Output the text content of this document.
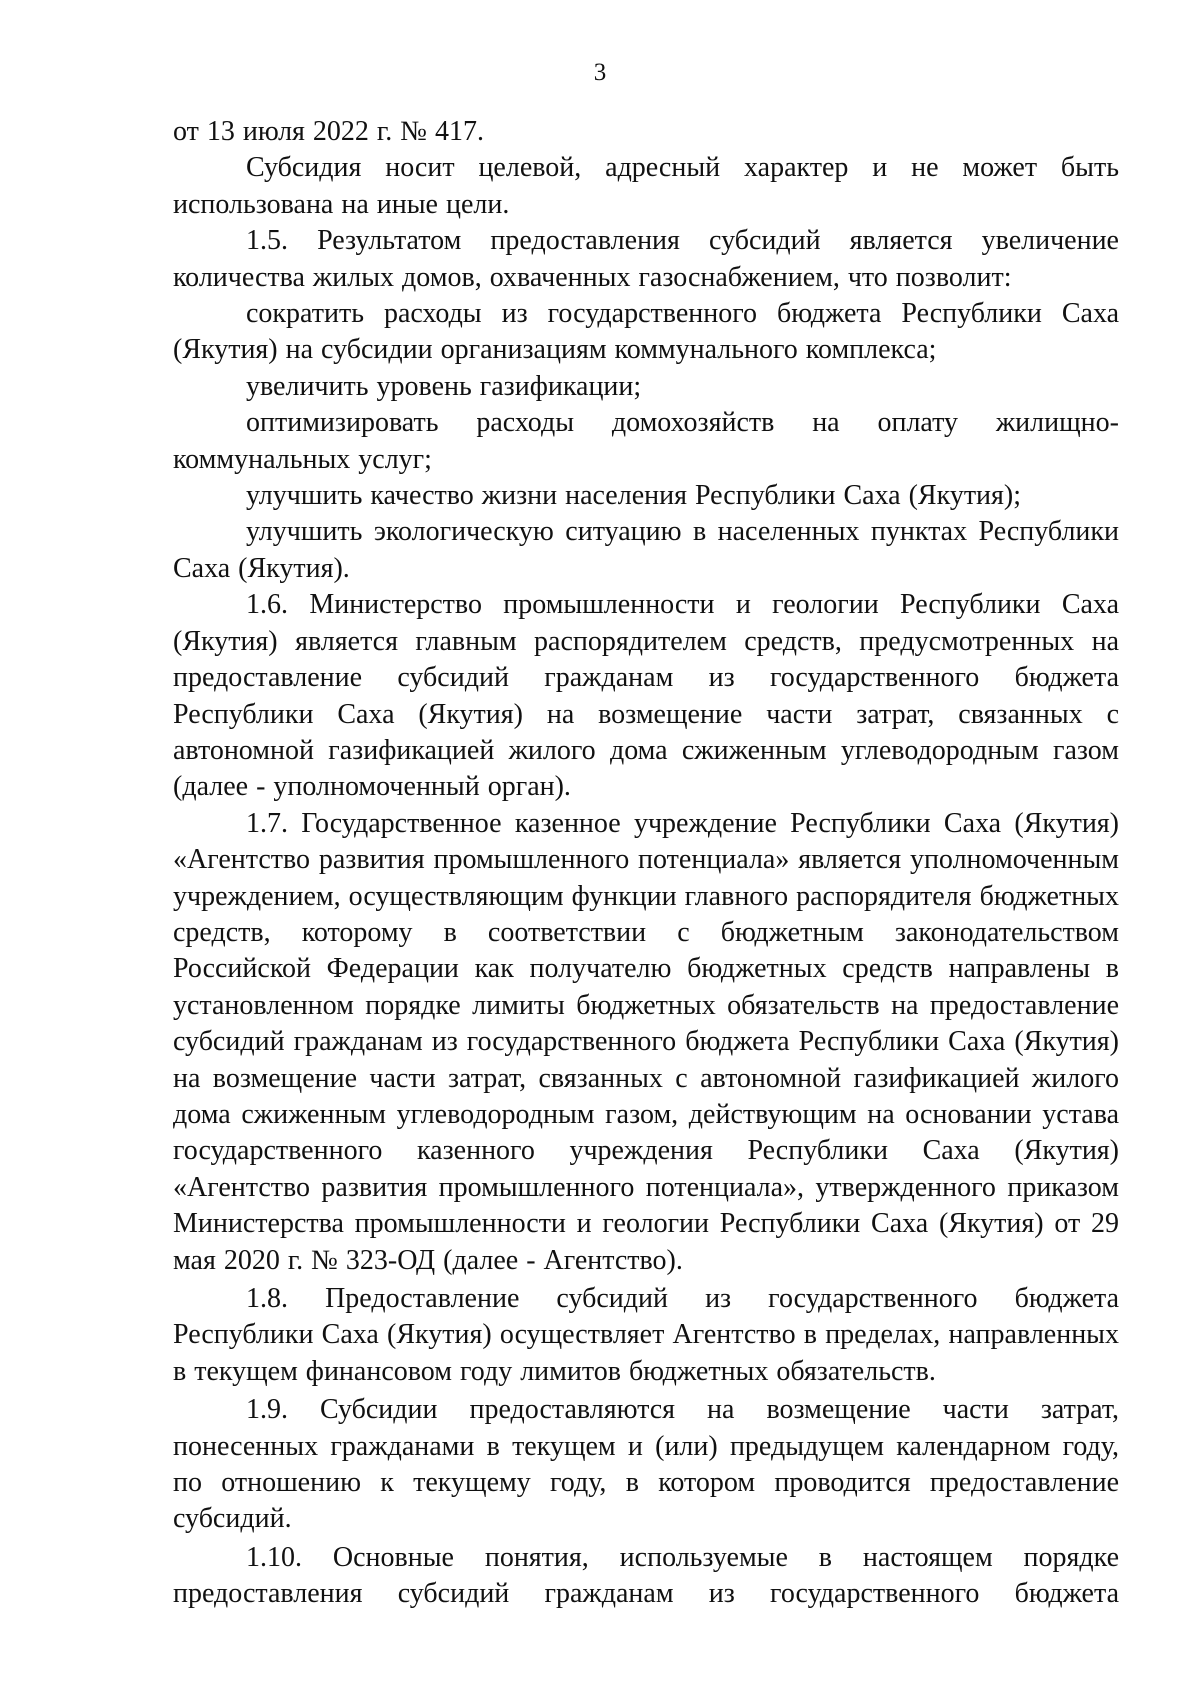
3

от 13 июля 2022 г. № 417.

Субсидия носит целевой, адресный характер и не может быть использована на иные цели.

1.5. Результатом предоставления субсидий является увеличение количества жилых домов, охваченных газоснабжением, что позволит:

сократить расходы из государственного бюджета Республики Саха (Якутия) на субсидии организациям коммунального комплекса;

увеличить уровень газификации;

оптимизировать расходы домохозяйств на оплату жилищно-коммунальных услуг;

улучшить качество жизни населения Республики Саха (Якутия);

улучшить экологическую ситуацию в населенных пунктах Республики Саха (Якутия).

1.6. Министерство промышленности и геологии Республики Саха (Якутия) является главным распорядителем средств, предусмотренных на предоставление субсидий гражданам из государственного бюджета Республики Саха (Якутия) на возмещение части затрат, связанных с автономной газификацией жилого дома сжиженным углеводородным газом (далее - уполномоченный орган).

1.7. Государственное казенное учреждение Республики Саха (Якутия) «Агентство развития промышленного потенциала» является уполномоченным учреждением, осуществляющим функции главного распорядителя бюджетных средств, которому в соответствии с бюджетным законодательством Российской Федерации как получателю бюджетных средств направлены в установленном порядке лимиты бюджетных обязательств на предоставление субсидий гражданам из государственного бюджета Республики Саха (Якутия) на возмещение части затрат, связанных с автономной газификацией жилого дома сжиженным углеводородным газом, действующим на основании устава государственного казенного учреждения Республики Саха (Якутия) «Агентство развития промышленного потенциала», утвержденного приказом Министерства промышленности и геологии Республики Саха (Якутия) от 29 мая 2020 г. № 323-ОД (далее - Агентство).

1.8. Предоставление субсидий из государственного бюджета Республики Саха (Якутия) осуществляет Агентство в пределах, направленных в текущем финансовом году лимитов бюджетных обязательств.

1.9. Субсидии предоставляются на возмещение части затрат, понесенных гражданами в текущем и (или) предыдущем календарном году, по отношению к текущему году, в котором проводится предоставление субсидий.

1.10. Основные понятия, используемые в настоящем порядке предоставления субсидий гражданам из государственного бюджета
